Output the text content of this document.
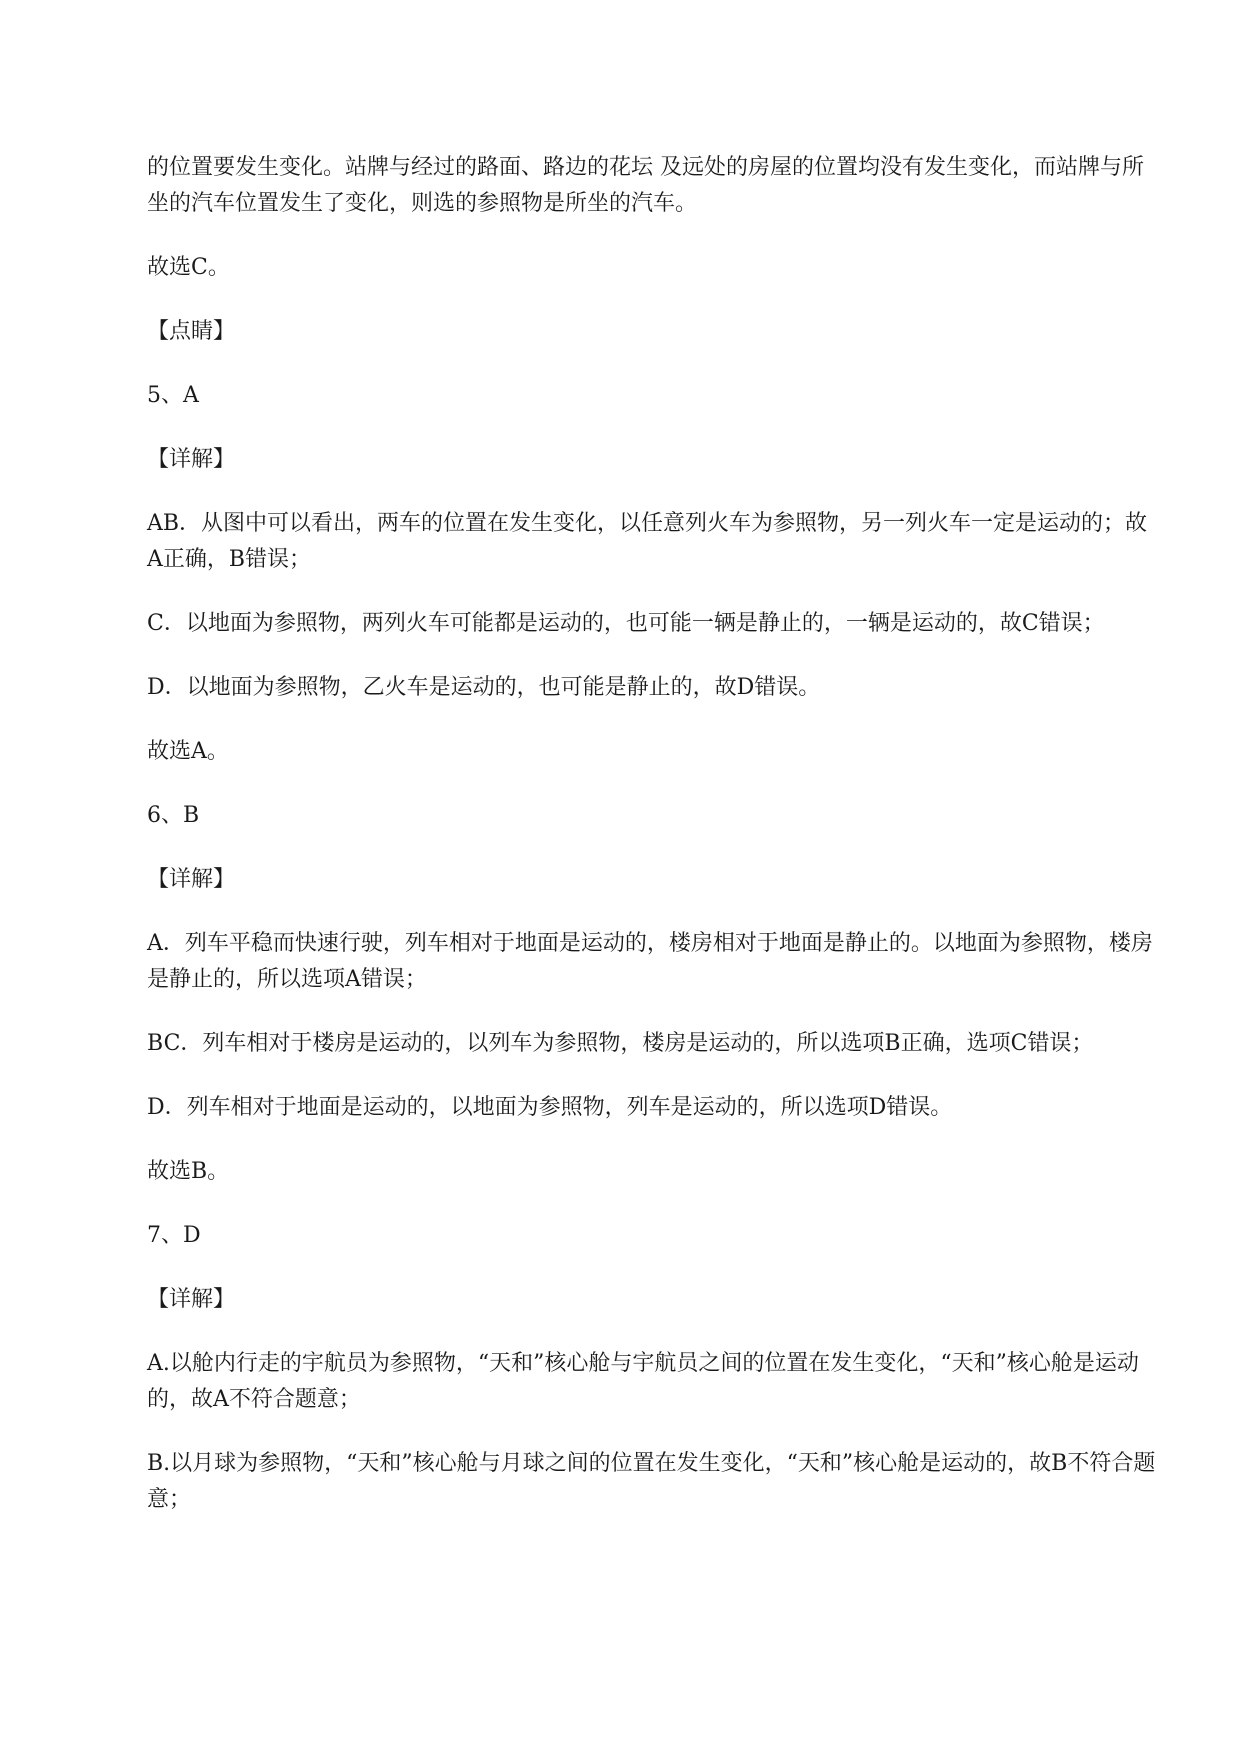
的位置要发生变化。站牌与经过的路面、路边的花坛 及远处的房屋的位置均没有发生变化，而站牌与所坐的汽车位置发生了变化，则选的参照物是所坐的汽车。

故选C。

【点睛】

5、A

【详解】

AB．从图中可以看出，两车的位置在发生变化，以任意列火车为参照物，另一列火车一定是运动的；故A正确，B错误；

C．以地面为参照物，两列火车可能都是运动的，也可能一辆是静止的，一辆是运动的，故C错误；

D．以地面为参照物，乙火车是运动的，也可能是静止的，故D错误。

故选A。

6、B

【详解】

A．列车平稳而快速行驶，列车相对于地面是运动的，楼房相对于地面是静止的。以地面为参照物，楼房是静止的，所以选项A错误；

BC．列车相对于楼房是运动的，以列车为参照物，楼房是运动的，所以选项B正确，选项C错误；

D．列车相对于地面是运动的，以地面为参照物，列车是运动的，所以选项D错误。

故选B。

7、D

【详解】

A.以舱内行走的宇航员为参照物，“天和”核心舱与宇航员之间的位置在发生变化，“天和”核心舱是运动的，故A不符合题意；

B.以月球为参照物，“天和”核心舱与月球之间的位置在发生变化，“天和”核心舱是运动的，故B不符合题意；
